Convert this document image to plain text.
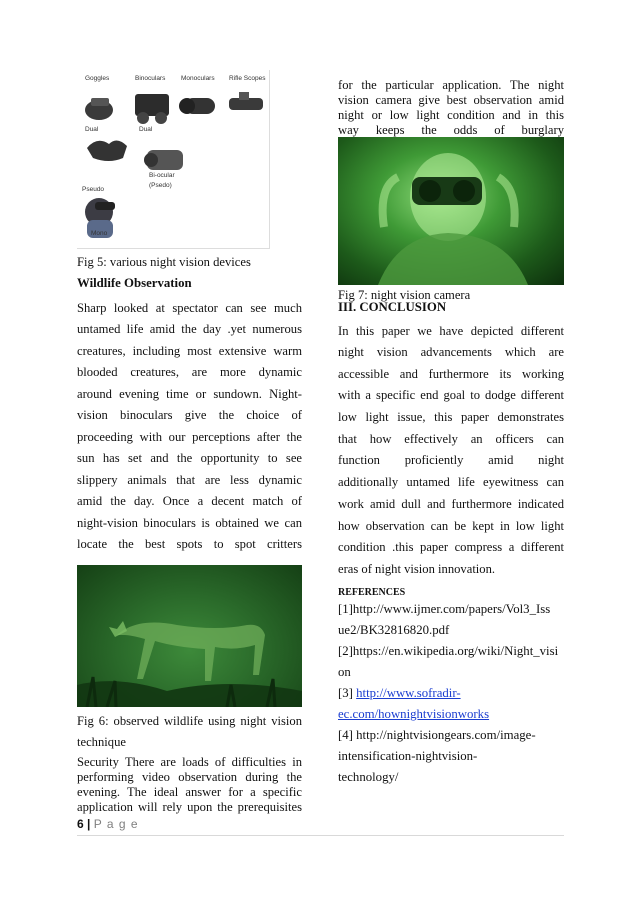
Goggles	Binoculars Monoculars Rifle Scopes
Dual	Dual
Pseudo
Bi-ocular
(Psedo)
Mono
Fig 5: various night vision devices
Wildlife Observation
Sharp looked at spectator can see much
untamed life amid the day .yet numerous
creatures, including most extensive warm
blooded creatures, are more dynamic
around evening time or sundown. Night-
vision binoculars give the choice of
proceeding with our perceptions after the
sun has set and the opportunity to see
slippery animals that are less dynamic
amid the day. Once a decent match of
night-vision binoculars is obtained we can
locate the best spots to spot critters
Fig 6: observed wildlife using night vision
technique
Security There are loads of difficulties in
performing video observation during the
evening. The ideal answer for a specific
application will rely upon the prerequisites
for the particular application. The night
vision camera give best observation amid
night or low light condition and in this
way keeps the odds of burglary
Fig 7: night vision camera
III. CONCLUSION
In this paper we have depicted different
night vision advancements which are
accessible and furthermore its working
with a specific end goal to dodge different
low light issue, this paper demonstrates
that how effectively an officers can
function proficiently amid night
additionally untamed life eyewitness can
work amid dull and furthermore indicated
how observation can be kept in low light
condition .this paper compress a different
eras of night vision innovation.
REFERENCES
[1]http://www.ijmer.com/papers/Vol3_Iss
ue2/BK32816820.pdf
[2]https://en.wikipedia.org/wiki/Night_visi
on
[3] http://www.sofradir-
ec.com/hownightvisionworks
[4] http://nightvisiongears.com/image-
intensification-nightvision-
technology/
6 | P a g e
